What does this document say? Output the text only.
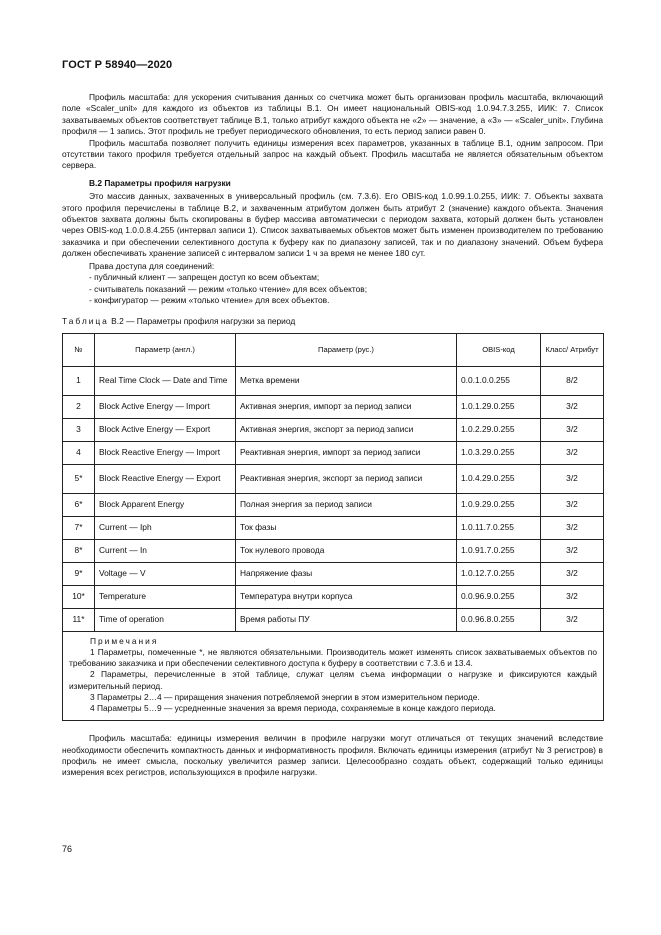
ГОСТ Р 58940—2020

Профиль масштаба: для ускорения считывания данных со счетчика может быть организован профиль масштаба, включающий поле «Scaler_unit» для каждого из объектов из таблицы В.1. Он имеет национальный OBIS-код 1.0.94.7.3.255, ИИК: 7. Список захватываемых объектов соответствует таблице В.1, только атрибут каждого объекта не «2» — значение, а «3» — «Scaler_unit». Глубина профиля — 1 запись. Этот профиль не требует периодического обновления, то есть период записи равен 0.

Профиль масштаба позволяет получить единицы измерения всех параметров, указанных в таблице В.1, одним запросом. При отсутствии такого профиля требуется отдельный запрос на каждый объект. Профиль масштаба не является обязательным объектом сервера.

В.2 Параметры профиля нагрузки

Это массив данных, захваченных в универсальный профиль (см. 7.3.6). Его OBIS-код 1.0.99.1.0.255, ИИК: 7. Объекты захвата этого профиля перечислены в таблице В.2, и захваченным атрибутом должен быть атрибут 2 (значение) каждого объекта. Значения объектов захвата должны быть скопированы в буфер массива автоматически с периодом захвата, который должен быть установлен через OBIS-код 1.0.0.8.4.255 (интервал записи 1). Список захватываемых объектов может быть изменен производителем по требованию заказчика и при обеспечении селективного доступа к буферу как по диапазону записей, так и по диапазону значений. Объем буфера должен обеспечивать хранение записей с интервалом записи 1 ч за время не менее 180 сут.

Права доступа для соединений:
- публичный клиент — запрещен доступ ко всем объектам;
- считыватель показаний — режим «только чтение» для всех объектов;
- конфигуратор — режим «только чтение» для всех объектов.
Таблица В.2 — Параметры профиля нагрузки за период
№	Параметр (англ.)	Параметр (рус.)	OBIS-код	Класс/ Атрибут
1	Real Time Clock — Date and Time	Метка времени	0.0.1.0.0.255	8/2
2	Block Active Energy — Import	Активная энергия, импорт за период записи	1.0.1.29.0.255	3/2
3	Block Active Energy — Export	Активная энергия, экспорт за период записи	1.0.2.29.0.255	3/2
4	Block Reactive Energy — Import	Реактивная энергия, импорт за период записи	1.0.3.29.0.255	3/2
5*	Block Reactive Energy — Export	Реактивная энергия, экспорт за период записи	1.0.4.29.0.255	3/2
6*	Block Apparent Energy	Полная энергия за период записи	1.0.9.29.0.255	3/2
7*	Current — Iph	Ток фазы	1.0.11.7.0.255	3/2
8*	Current — In	Ток нулевого провода	1.0.91.7.0.255	3/2
9*	Voltage — V	Напряжение фазы	1.0.12.7.0.255	3/2
10*	Temperature	Температура внутри корпуса	0.0.96.9.0.255	3/2
11*	Time of operation	Время работы ПУ	0.0.96.8.0.255	3/2

Примечания

1 Параметры, помеченные *, не являются обязательными. Производитель может изменять список захватываемых объектов по требованию заказчика и при обеспечении селективного доступа к буферу в соответствии с 7.3.6 и 13.4.

2 Параметры, перечисленные в этой таблице, служат целям съема информации о нагрузке и фиксируются каждый измерительный период.

3 Параметры 2…4 — приращения значения потребляемой энергии в этом измерительном периоде.

4 Параметры 5…9 — усредненные значения за время периода, сохраняемые в конце каждого периода.				

Профиль масштаба: единицы измерения величин в профиле нагрузки могут отличаться от текущих значений вследствие необходимости обеспечить компактность данных и информативность профиля. Включать единицы измерения (атрибут № 3 регистров) в профиль не имеет смысла, поскольку увеличится размер записи. Целесообразно создать объект, содержащий только единицы измерения всех регистров, использующихся в профиле нагрузки.

76
